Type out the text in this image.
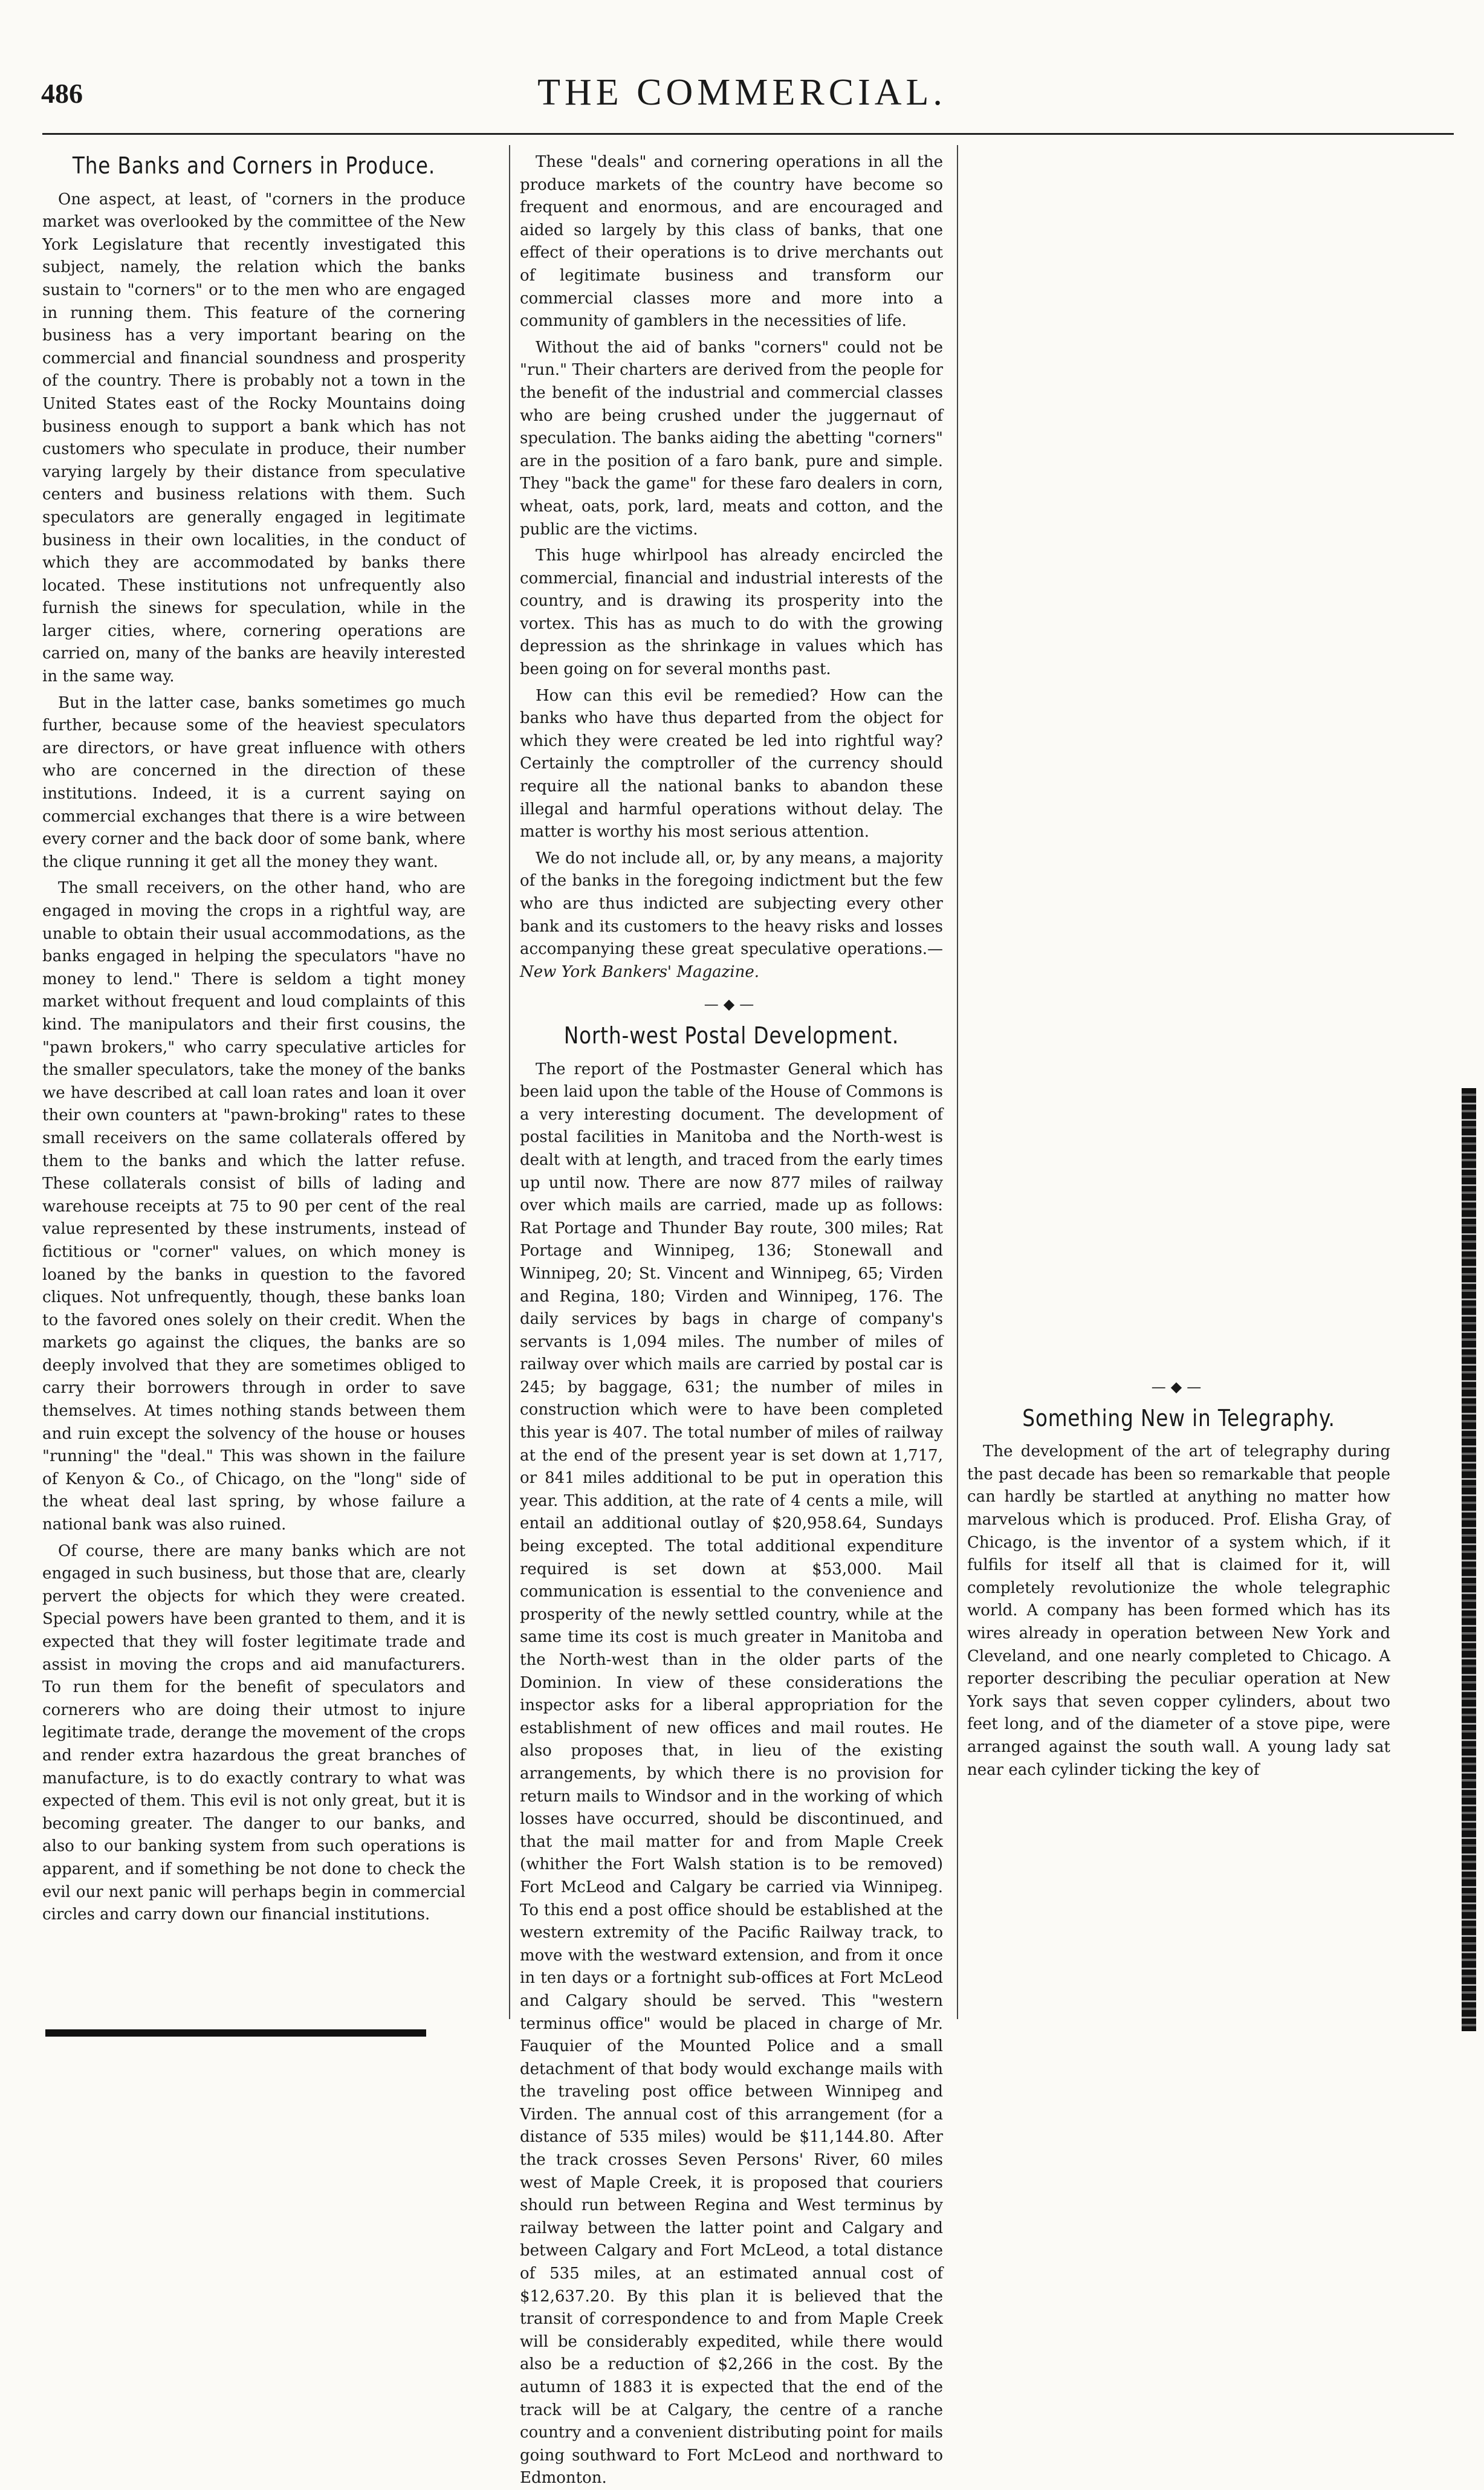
486	THE COMMERCIAL.
The Banks and Corners in Produce.

One aspect, at least, of "corners in the produce market was overlooked by the committee of the New York Legislature that recently investigated this subject, namely, the relation which the banks sustain to "corners" or to the men who are engaged in running them. This feature of the cornering business has a very important bearing on the commercial and financial soundness and prosperity of the country. There is probably not a town in the United States east of the Rocky Mountains doing business enough to support a bank which has not customers who speculate in produce, their number varying largely by their distance from speculative centers and business relations with them. Such speculators are generally engaged in legitimate business in their own localities, in the conduct of which they are accommodated by banks there located. These institutions not unfrequently also furnish the sinews for speculation, while in the larger cities, where, cornering operations are carried on, many of the banks are heavily interested in the same way.

But in the latter case, banks sometimes go much further, because some of the heaviest speculators are directors, or have great influence with others who are concerned in the direction of these institutions. Indeed, it is a current saying on commercial exchanges that there is a wire between every corner and the back door of some bank, where the clique running it get all the money they want.

The small receivers, on the other hand, who are engaged in moving the crops in a rightful way, are unable to obtain their usual accommodations, as the banks engaged in helping the speculators "have no money to lend." There is seldom a tight money market without frequent and loud complaints of this kind. The manipulators and their first cousins, the "pawn brokers," who carry speculative articles for the smaller speculators, take the money of the banks we have described at call loan rates and loan it over their own counters at "pawn-broking" rates to these small receivers on the same collaterals offered by them to the banks and which the latter refuse. These collaterals consist of bills of lading and warehouse receipts at 75 to 90 per cent of the real value represented by these instruments, instead of fictitious or "corner" values, on which money is loaned by the banks in question to the favored cliques. Not unfrequently, though, these banks loan to the favored ones solely on their credit. When the markets go against the cliques, the banks are so deeply involved that they are sometimes obliged to carry their borrowers through in order to save themselves. At times nothing stands between them and ruin except the solvency of the house or houses "running" the "deal." This was shown in the failure of Kenyon & Co., of Chicago, on the "long" side of the wheat deal last spring, by whose failure a national bank was also ruined.

Of course, there are many banks which are not engaged in such business, but those that are, clearly pervert the objects for which they were created. Special powers have been granted to them, and it is expected that they will foster legitimate trade and assist in moving the crops and aid manufacturers. To run them for the benefit of speculators and cornerers who are doing their utmost to injure legitimate trade, derange the movement of the crops and render extra hazardous the great branches of manufacture, is to do exactly contrary to what was expected of them. This evil is not only great, but it is becoming greater. The danger to our banks, and also to our banking system from such operations is apparent, and if something be not done to check the evil our next panic will perhaps begin in commercial circles and carry down our financial institutions.

These "deals" and cornering operations in all the produce markets of the country have become so frequent and enormous, and are encouraged and aided so largely by this class of banks, that one effect of their operations is to drive merchants out of legitimate business and transform our commercial classes more and more into a community of gamblers in the necessities of life.

Without the aid of banks "corners" could not be "run." Their charters are derived from the people for the benefit of the industrial and commercial classes who are being crushed under the juggernaut of speculation. The banks aiding the abetting "corners" are in the position of a faro bank, pure and simple. They "back the game" for these faro dealers in corn, wheat, oats, pork, lard, meats and cotton, and the public are the victims.

This huge whirlpool has already encircled the commercial, financial and industrial interests of the country, and is drawing its prosperity into the vortex. This has as much to do with the growing depression as the shrinkage in values which has been going on for several months past.

How can this evil be remedied? How can the banks who have thus departed from the object for which they were created be led into rightful way? Certainly the comptroller of the currency should require all the national banks to abandon these illegal and harmful operations without delay. The matter is worthy his most serious attention.

We do not include all, or, by any means, a majority of the banks in the foregoing indictment but the few who are thus indicted are subjecting every other bank and its customers to the heavy risks and losses accompanying these great speculative operations.—New York Bankers' Magazine.

—◆—
North-west Postal Development.

The report of the Postmaster General which has been laid upon the table of the House of Commons is a very interesting document. The development of postal facilities in Manitoba and the North-west is dealt with at length, and traced from the early times up until now. There are now 877 miles of railway over which mails are carried, made up as follows: Rat Portage and Thunder Bay route, 300 miles; Rat Portage and Winnipeg, 136; Stonewall and Winnipeg, 20; St. Vincent and Winnipeg, 65; Virden and Regina, 180; Virden and Winnipeg, 176. The daily services by bags in charge of company's servants is 1,094 miles. The number of miles of railway over which mails are carried by postal car is 245; by baggage, 631; the number of miles in construction which were to have been completed this year is 407. The total number of miles of railway at the end of the present year is set down at 1,717, or 841 miles additional to be put in operation this year. This addition, at the rate of 4 cents a mile, will entail an additional outlay of $20,958.64, Sundays being excepted. The total additional expenditure required is set down at $53,000. Mail communication is essential to the convenience and prosperity of the newly settled country, while at the same time its cost is much greater in Manitoba and the North-west than in the older parts of the Dominion. In view of these considerations the inspector asks for a liberal appropriation for the establishment of new offices and mail routes. He also proposes that, in lieu of the existing arrangements, by which there is no provision for return mails to Windsor and in the working of which losses have occurred, should be discontinued, and that the mail matter for and from Maple Creek (whither the Fort Walsh station is to be removed) Fort McLeod and Calgary be carried via Winnipeg. To this end a post office should be established at the western extremity of the Pacific Railway track, to move with the westward extension, and from it once in ten days or a fortnight sub-offices at Fort McLeod and Calgary should be served. This "western terminus office" would be placed in charge of Mr. Fauquier of the Mounted Police and a small detachment of that body would exchange mails with the traveling post office between Winnipeg and Virden. The annual cost of this arrangement (for a distance of 535 miles) would be $11,144.80. After the track crosses Seven Persons' River, 60 miles west of Maple Creek, it is proposed that couriers should run between Regina and West terminus by railway between the latter point and Calgary and between Calgary and Fort McLeod, a total distance of 535 miles, at an estimated annual cost of $12,637.20. By this plan it is believed that the transit of correspondence to and from Maple Creek will be considerably expedited, while there would also be a reduction of $2,266 in the cost. By the autumn of 1883 it is expected that the end of the track will be at Calgary, the centre of a ranche country and a convenient distributing point for mails going southward to Fort McLeod and northward to Edmonton.

—◆—
Something New in Telegraphy.

The development of the art of telegraphy during the past decade has been so remarkable that people can hardly be startled at anything no matter how marvelous which is produced. Prof. Elisha Gray, of Chicago, is the inventor of a system which, if it fulfils for itself all that is claimed for it, will completely revolutionize the whole telegraphic world. A company has been formed which has its wires already in operation between New York and Cleveland, and one nearly completed to Chicago. A reporter describing the peculiar operation at New York says that seven copper cylinders, about two feet long, and of the diameter of a stove pipe, were arranged against the south wall. A young lady sat near each cylinder ticking the key of
